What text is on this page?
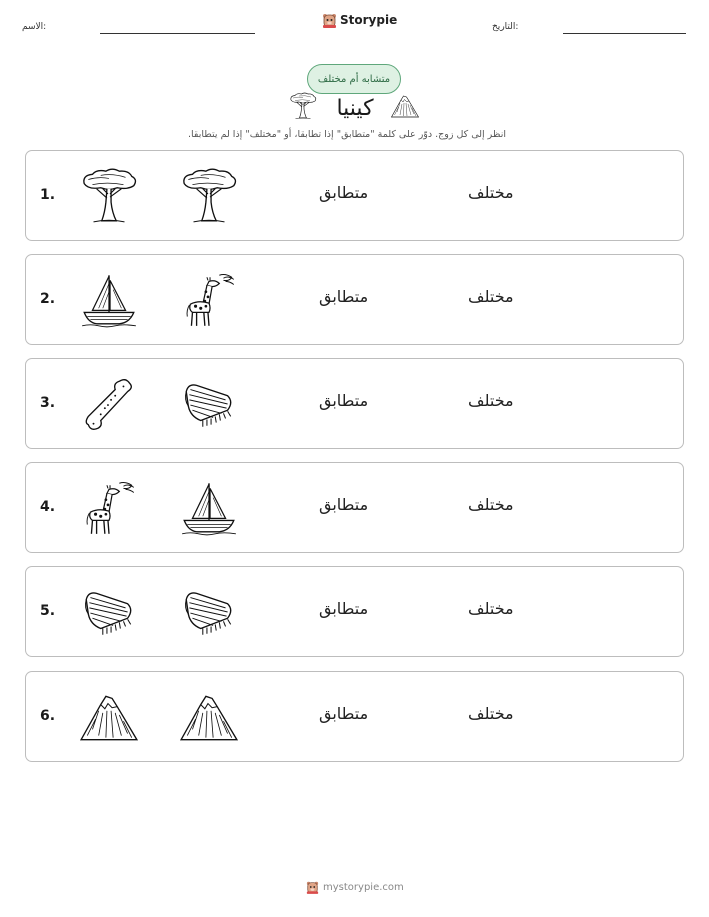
الاسم:	Storypie	التاريخ:
متشابه أم مختلف
كينيا
انظر إلى كل زوج. دوّر على كلمة "متطابق" إذا تطابقا، أو "مختلف" إذا لم يتطابقا.
1.	متطابق	مختلف
2.	متطابق	مختلف
3.	متطابق	مختلف
4.	متطابق	مختلف
5.	متطابق	مختلف
6.	متطابق	مختلف
mystorypie.com
